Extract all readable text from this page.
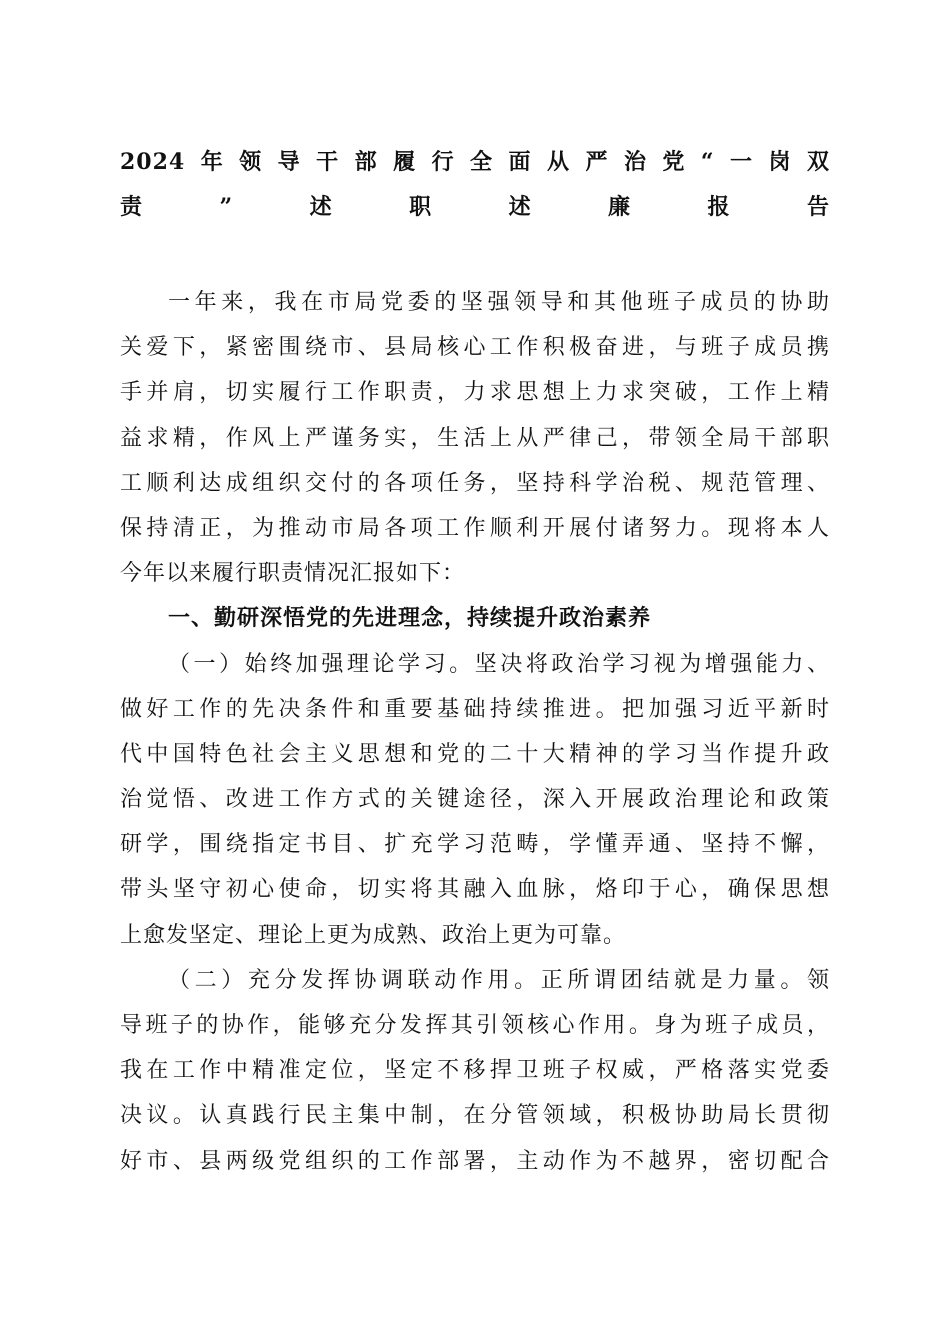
2024年领导干部履行全面从严治党“一岗双
责”述职述廉报告
一年来，我在市局党委的坚强领导和其他班子成员的协助
关爱下，紧密围绕市、县局核心工作积极奋进，与班子成员携
手并肩，切实履行工作职责，力求思想上力求突破，工作上精
益求精，作风上严谨务实，生活上从严律己，带领全局干部职
工顺利达成组织交付的各项任务，坚持科学治税、规范管理、
保持清正，为推动市局各项工作顺利开展付诸努力。现将本人
今年以来履行职责情况汇报如下：
一、勤研深悟党的先进理念，持续提升政治素养
（一）始终加强理论学习。坚决将政治学习视为增强能力、
做好工作的先决条件和重要基础持续推进。把加强习近平新时
代中国特色社会主义思想和党的二十大精神的学习当作提升政
治觉悟、改进工作方式的关键途径，深入开展政治理论和政策
研学，围绕指定书目、扩充学习范畴，学懂弄通、坚持不懈，
带头坚守初心使命，切实将其融入血脉，烙印于心，确保思想
上愈发坚定、理论上更为成熟、政治上更为可靠。
（二）充分发挥协调联动作用。正所谓团结就是力量。领
导班子的协作，能够充分发挥其引领核心作用。身为班子成员，
我在工作中精准定位，坚定不移捍卫班子权威，严格落实党委
决议。认真践行民主集中制，在分管领域，积极协助局长贯彻
好市、县两级党组织的工作部署，主动作为不越界，密切配合
